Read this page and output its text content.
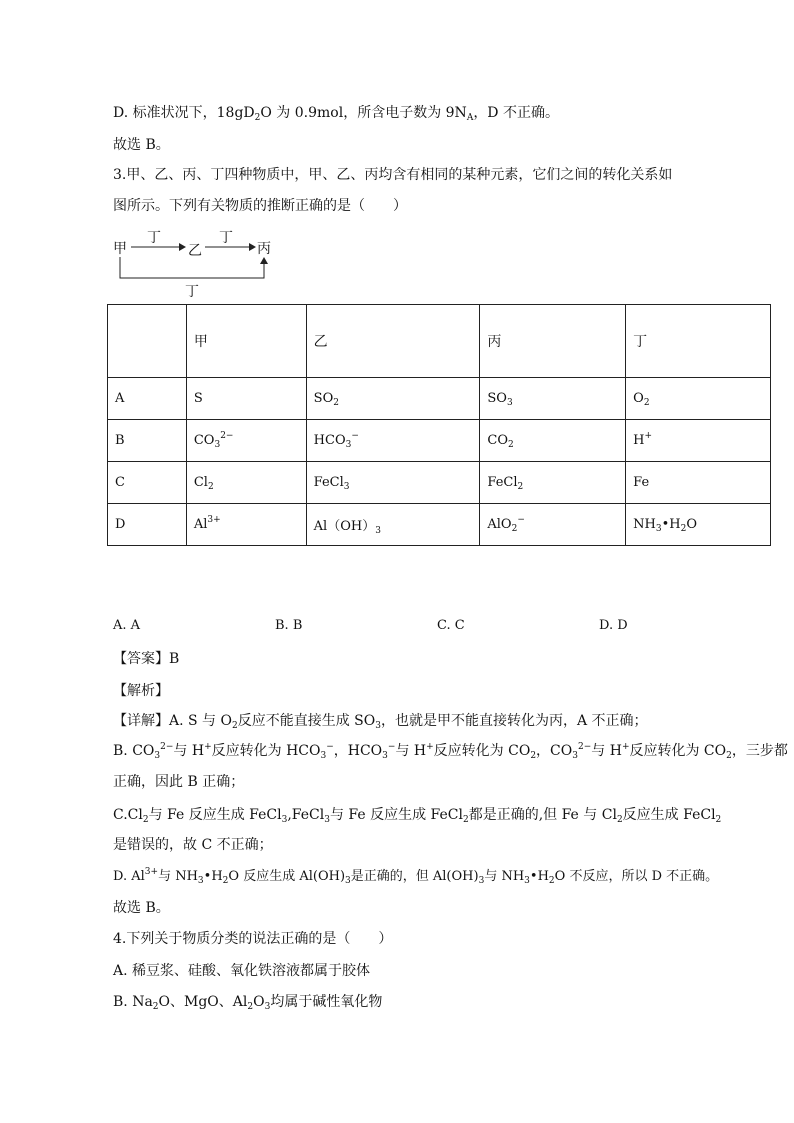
D. 标准状况下，$18gD_2O$ 为 0.9mol，所含电子数为 $9N_A$，D 不正确。
故选 B。
3.甲、乙、丙、丁四种物质中，甲、乙、丙均含有相同的某种元素，它们之间的转化关系如
图所示。下列有关物质的推断正确的是（　　）
甲	乙	丙
丁	丁
丁
	甲	乙	丙	丁
A	S	$SO_2$	$SO_3$	$O_2$
B	$CO_3^{2-}$	$HCO_3^-$	$CO_2$	H+
C	$Cl_2$	FeCl$_3$	FeCl$_2$	Fe
D	$Al^{3+}$	$Al(OH)_3$	AlO$_2$−	$NH_3•H_2O$
A. A	B. B	C. C	D. D
【答案】B
【解析】
【详解】A. S 与 $O_2$反应不能直接生成 $SO_3$，也就是甲不能直接转化为丙，A 不正确；
B. $CO_3^{2-}$与 H+反应转化为 $HCO_3^-$，$HCO_3^-$与 H+反应转化为 $CO_2$，$CO_3^{2-}$与 H+反应转化为 $CO_2$，三步都
正确，因此 B 正确；
$C.Cl_2$与 Fe 反应生成 FeCl$_3$,FeCl$_3$与 Fe 反应生成 FeCl$_2$都是正确的,但 Fe 与 $Cl_2$反应生成 FeCl$_2$
是错误的，故 C 不正确；
D. $Al^{3+}$与 $NH_3•H_2O$ 反应生成 $Al(OH)_3$是正确的，但 $Al(OH)_3$与 $NH_3•H_2O$ 不反应，所以 D 不正确。
故选 B。
4.下列关于物质分类的说法正确的是（　　）
A. 稀豆浆、硅酸、氧化铁溶液都属于胶体
B. $Na_2O$、MgO、$Al_2O_3$均属于碱性氧化物
